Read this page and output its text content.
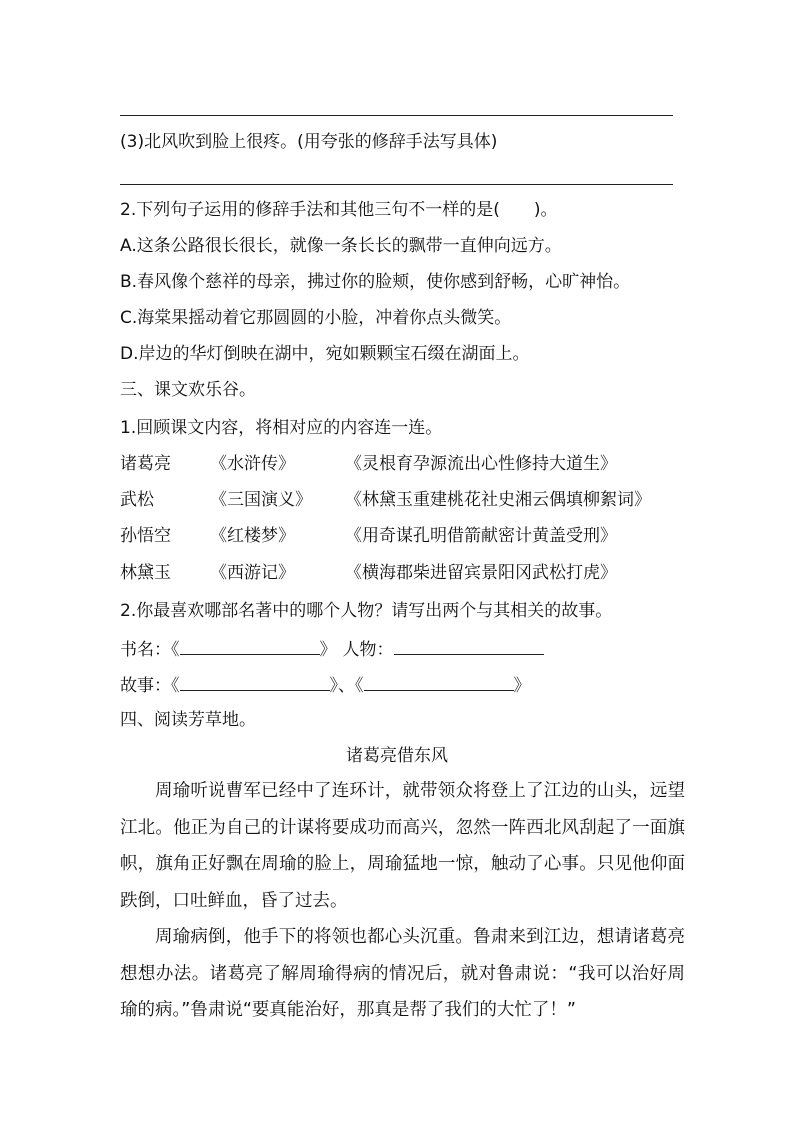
(3)北风吹到脸上很疼。(用夸张的修辞手法写具体)
2.下列句子运用的修辞手法和其他三句不一样的是(　　)。
A.这条公路很长很长，就像一条长长的飘带一直伸向远方。
B.春风像个慈祥的母亲，拂过你的脸颊，使你感到舒畅，心旷神怡。
C.海棠果摇动着它那圆圆的小脸，冲着你点头微笑。
D.岸边的华灯倒映在湖中，宛如颗颗宝石缀在湖面上。
三、课文欢乐谷。
1.回顾课文内容，将相对应的内容连一连。
诸葛亮 《水浒传》	《灵根育孕源流出心性修持大道生》
武松	《三国演义》 《林黛玉重建桃花社史湘云偶填柳絮词》
孙悟空 《红楼梦》	《用奇谋孔明借箭献密计黄盖受刑》
林黛玉 《西游记》	《横海郡柴进留宾景阳冈武松打虎》
2.你最喜欢哪部名著中的哪个人物？请写出两个与其相关的故事。
书名：《	》 人物：
故事：《	》、《	》
四、阅读芳草地。
诸葛亮借东风

周瑜听说曹军已经中了连环计，就带领众将登上了江边的山头，远望江北。他正为自己的计谋将要成功而高兴，忽然一阵西北风刮起了一面旗帜，旗角正好飘在周瑜的脸上，周瑜猛地一惊，触动了心事。只见他仰面跌倒，口吐鲜血，昏了过去。

周瑜病倒，他手下的将领也都心头沉重。鲁肃来到江边，想请诸葛亮想想办法。诸葛亮了解周瑜得病的情况后，就对鲁肃说：“我可以治好周瑜的病。”鲁肃说“要真能治好，那真是帮了我们的大忙了！”
